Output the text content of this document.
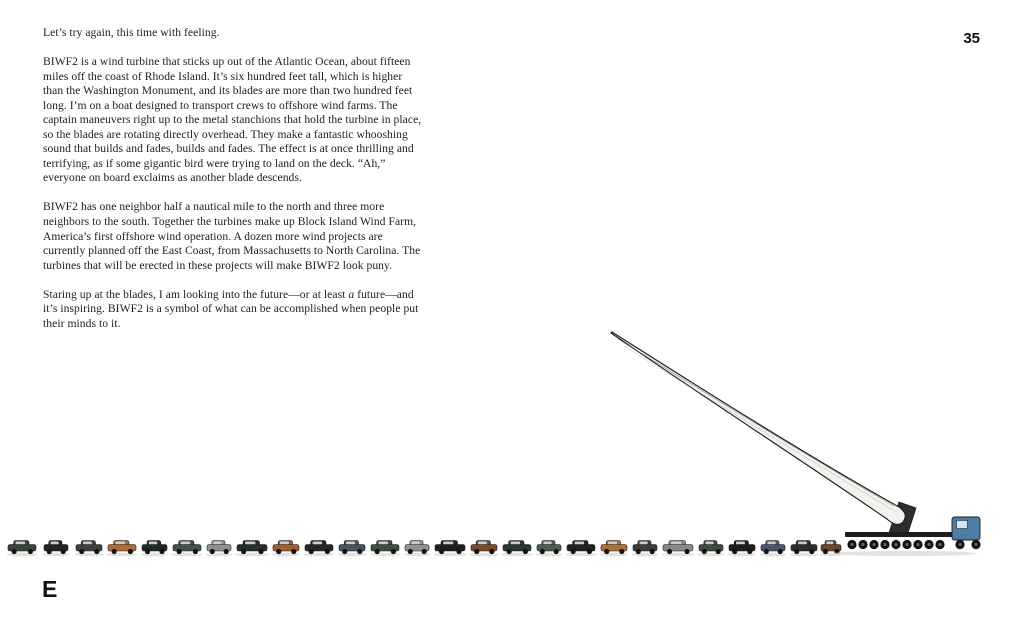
35

Let’s try again, this time with feeling.

BIWF2 is a wind turbine that sticks up out of the Atlantic Ocean, about fifteen miles off the coast of Rhode Island. It’s six hundred feet tall, which is higher than the Washington Monument, and its blades are more than two hundred feet long. I’m on a boat designed to transport crews to offshore wind farms. The captain maneuvers right up to the metal stanchions that hold the turbine in place, so the blades are rotating directly overhead. They make a fantastic whooshing sound that builds and fades, builds and fades. The effect is at once thrilling and terrifying, as if some gigantic bird were trying to land on the deck. “Ah,” everyone on board exclaims as another blade descends.

BIWF2 has one neighbor half a nautical mile to the north and three more neighbors to the south. Together the turbines make up Block Island Wind Farm, America’s first offshore wind operation. A dozen more wind projects are currently planned off the East Coast, from Massachusetts to North Carolina. The turbines that will be erected in these projects will make BIWF2 look puny.

Staring up at the blades, I am looking into the future—or at least a future—and it’s inspiring. BIWF2 is a symbol of what can be accomplished when people put their minds to it.

E
